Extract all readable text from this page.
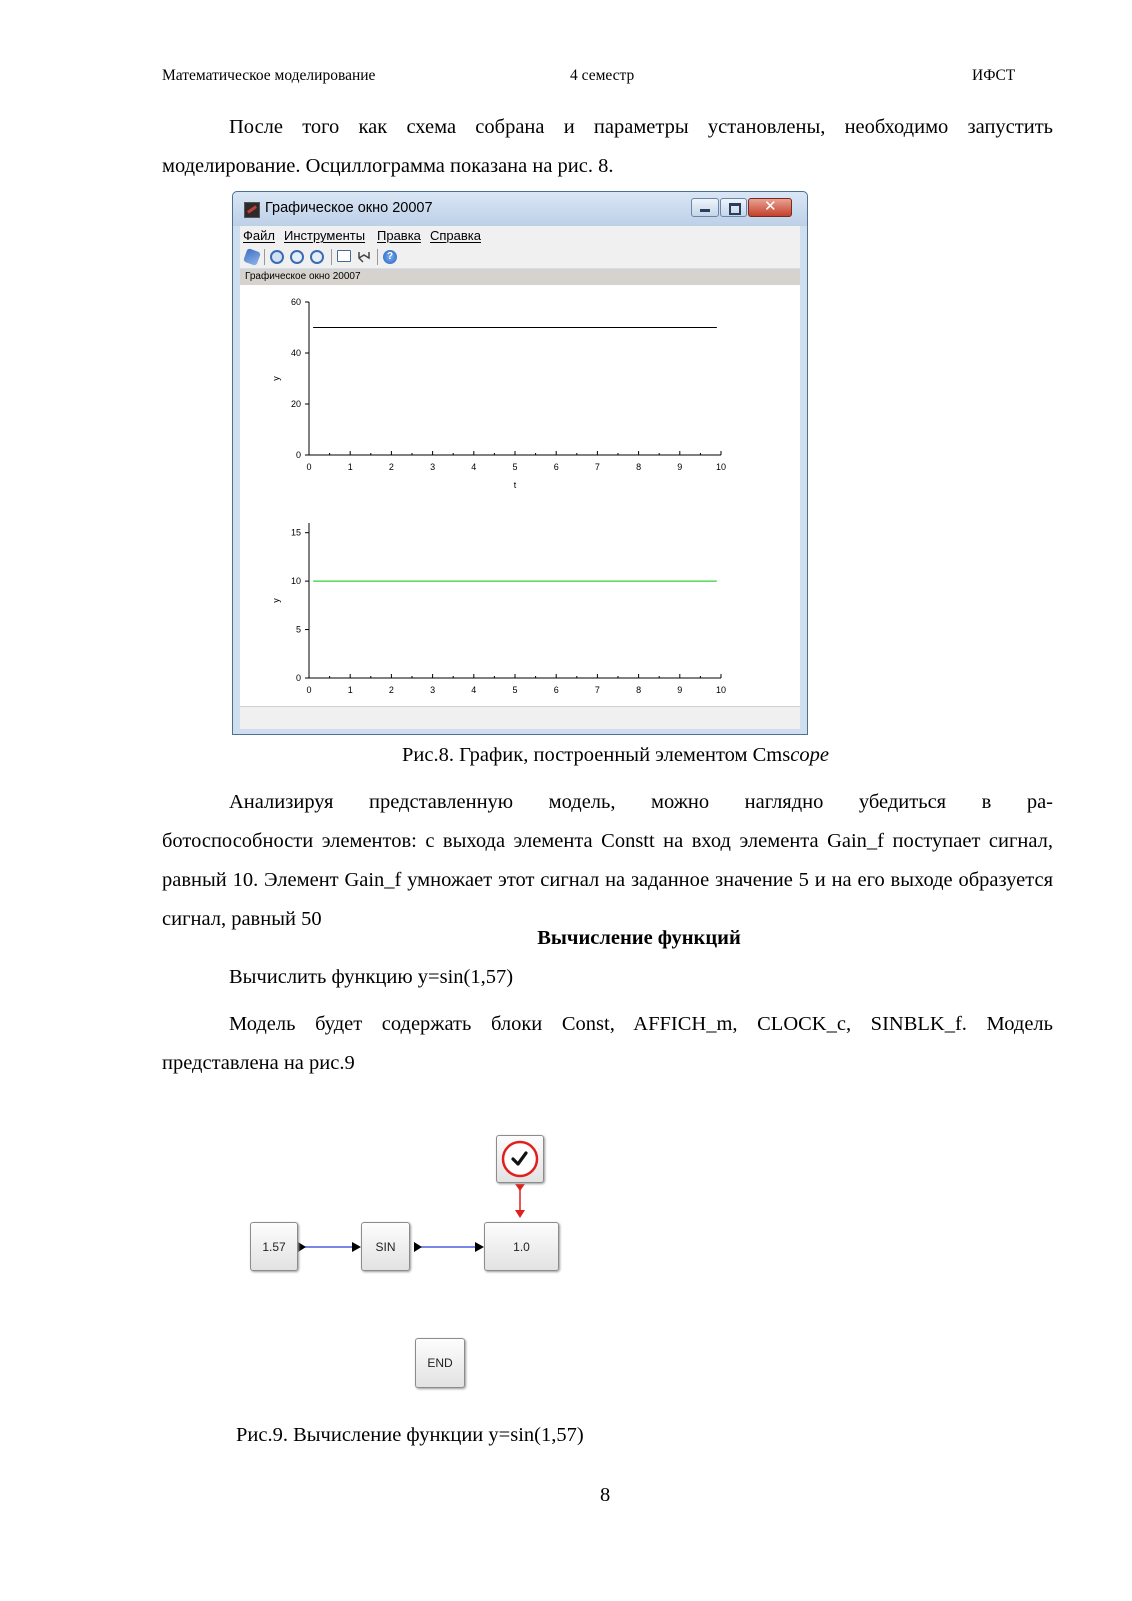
Математическое моделирование	4 семестр	ИФСТ

После того как схема собрана и параметры установлены, необходимо запустить

моделирование. Осциллограмма показана на рис. 8.

Графическое окно 20007	✕
Файл Инструменты Правка Справка
?
Графическое окно 20007
0	1	2	3	4	5	6	7	8	9	10
0
20
40
60
y
t
0	1	2	3	4	5	6	7	8	9	10
0
5
10
15
y
Рис.8. График, построенный элементом Cmscope

Анализируя представленную модель, можно наглядно убедиться в ра-

ботоспособности элементов: с выхода элемента Constt на вход элемента Gain_f поступает сигнал, равный 10. Элемент Gain_f умножает этот сигнал на заданное значение 5 и на его выходе образуется сигнал, равный 50

Вычисление функций
Вычислить функцию y=sin(1,57)

Модель будет содержать блоки Const, AFFICH_m, CLOCK_c, SINBLK_f. Модель

представлена на рис.9

1.57	SIN	1.0
END
Рис.9. Вычисление функции y=sin(1,57)
8
